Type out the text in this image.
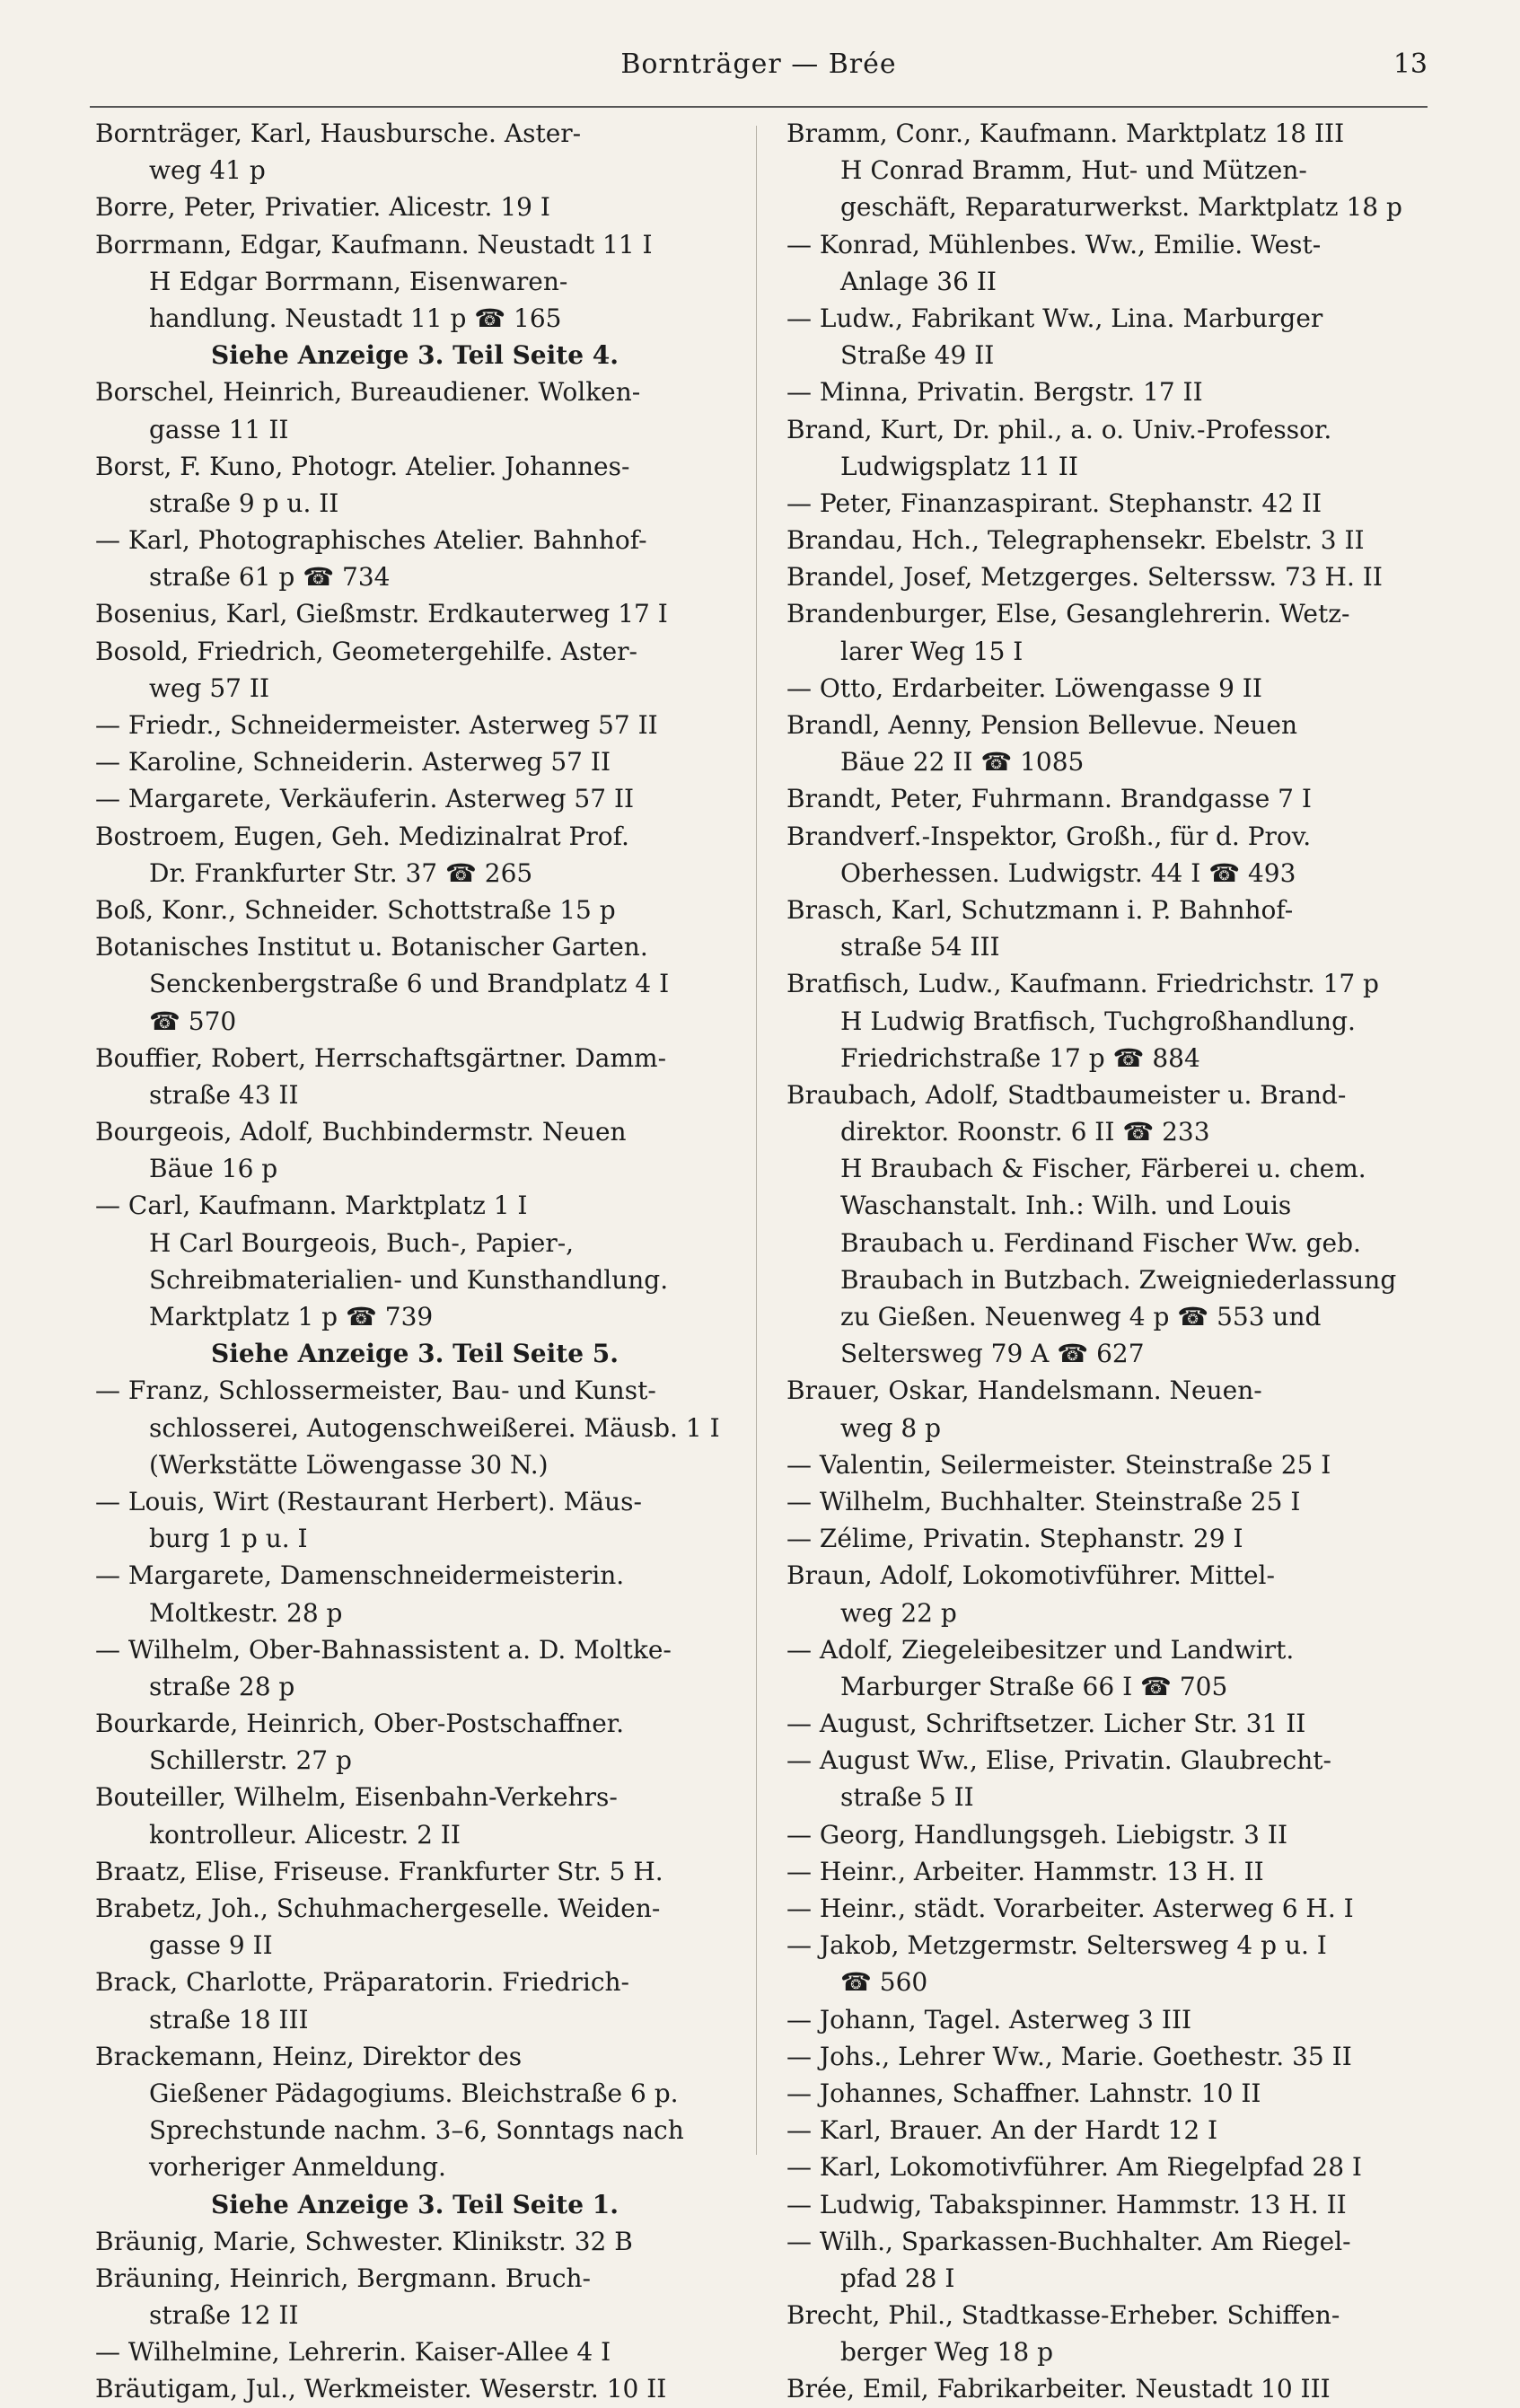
Bornträger — Brée	13
Bornträger, Karl, Hausbursche. Aster-
weg 41 p
Borre, Peter, Privatier. Alicestr. 19 I
Borrmann, Edgar, Kaufmann. Neustadt 11 I
H Edgar Borrmann, Eisenwaren-
handlung. Neustadt 11 p ☎ 165
Siehe Anzeige 3. Teil Seite 4.
Borschel, Heinrich, Bureaudiener. Wolken-
gasse 11 II
Borst, F. Kuno, Photogr. Atelier. Johannes-
straße 9 p u. II
— Karl, Photographisches Atelier. Bahnhof-
straße 61 p ☎ 734
Bosenius, Karl, Gießmstr. Erdkauterweg 17 I
Bosold, Friedrich, Geometergehilfe. Aster-
weg 57 II
— Friedr., Schneidermeister. Asterweg 57 II
— Karoline, Schneiderin. Asterweg 57 II
— Margarete, Verkäuferin. Asterweg 57 II
Bostroem, Eugen, Geh. Medizinalrat Prof.
Dr. Frankfurter Str. 37 ☎ 265
Boß, Konr., Schneider. Schottstraße 15 p
Botanisches Institut u. Botanischer Garten.
Senckenbergstraße 6 und Brandplatz 4 I
☎ 570
Bouffier, Robert, Herrschaftsgärtner. Damm-
straße 43 II
Bourgeois, Adolf, Buchbindermstr. Neuen
Bäue 16 p
— Carl, Kaufmann. Marktplatz 1 I
H Carl Bourgeois, Buch-, Papier-,
Schreibmaterialien- und Kunsthandlung.
Marktplatz 1 p ☎ 739
Siehe Anzeige 3. Teil Seite 5.
— Franz, Schlossermeister, Bau- und Kunst-
schlosserei, Autogenschweißerei. Mäusb. 1 I
(Werkstätte Löwengasse 30 N.)
— Louis, Wirt (Restaurant Herbert). Mäus-
burg 1 p u. I
— Margarete, Damenschneidermeisterin.
Moltkestr. 28 p
— Wilhelm, Ober-Bahnassistent a. D. Moltke-
straße 28 p
Bourkarde, Heinrich, Ober-Postschaffner.
Schillerstr. 27 p
Bouteiller, Wilhelm, Eisenbahn-Verkehrs-
kontrolleur. Alicestr. 2 II
Braatz, Elise, Friseuse. Frankfurter Str. 5 H.
Brabetz, Joh., Schuhmachergeselle. Weiden-
gasse 9 II
Brack, Charlotte, Präparatorin. Friedrich-
straße 18 III
Brackemann, Heinz, Direktor des
Gießener Pädagogiums. Bleichstraße 6 p.
Sprechstunde nachm. 3–6, Sonntags nach
vorheriger Anmeldung.
Siehe Anzeige 3. Teil Seite 1.
Bräunig, Marie, Schwester. Klinikstr. 32 B
Bräuning, Heinrich, Bergmann. Bruch-
straße 12 II
— Wilhelmine, Lehrerin. Kaiser-Allee 4 I
Bräutigam, Jul., Werkmeister. Weserstr. 10 II
Bramm, Conr., Kaufmann. Marktplatz 18 III
H Conrad Bramm, Hut- und Mützen-
geschäft, Reparaturwerkst. Marktplatz 18 p
— Konrad, Mühlenbes. Ww., Emilie. West-
Anlage 36 II
— Ludw., Fabrikant Ww., Lina. Marburger
Straße 49 II
— Minna, Privatin. Bergstr. 17 II
Brand, Kurt, Dr. phil., a. o. Univ.-Professor.
Ludwigsplatz 11 II
— Peter, Finanzaspirant. Stephanstr. 42 II
Brandau, Hch., Telegraphensekr. Ebelstr. 3 II
Brandel, Josef, Metzgerges. Selterssw. 73 H. II
Brandenburger, Else, Gesanglehrerin. Wetz-
larer Weg 15 I
— Otto, Erdarbeiter. Löwengasse 9 II
Brandl, Aenny, Pension Bellevue. Neuen
Bäue 22 II ☎ 1085
Brandt, Peter, Fuhrmann. Brandgasse 7 I
Brandverf.-Inspektor, Großh., für d. Prov.
Oberhessen. Ludwigstr. 44 I ☎ 493
Brasch, Karl, Schutzmann i. P. Bahnhof-
straße 54 III
Bratfisch, Ludw., Kaufmann. Friedrichstr. 17 p
H Ludwig Bratfisch, Tuchgroßhandlung.
Friedrichstraße 17 p ☎ 884
Braubach, Adolf, Stadtbaumeister u. Brand-
direktor. Roonstr. 6 II ☎ 233
H Braubach & Fischer, Färberei u. chem.
Waschanstalt. Inh.: Wilh. und Louis
Braubach u. Ferdinand Fischer Ww. geb.
Braubach in Butzbach. Zweigniederlassung
zu Gießen. Neuenweg 4 p ☎ 553 und
Seltersweg 79 A ☎ 627
Brauer, Oskar, Handelsmann. Neuen-
weg 8 p
— Valentin, Seilermeister. Steinstraße 25 I
— Wilhelm, Buchhalter. Steinstraße 25 I
— Zélime, Privatin. Stephanstr. 29 I
Braun, Adolf, Lokomotivführer. Mittel-
weg 22 p
— Adolf, Ziegeleibesitzer und Landwirt.
Marburger Straße 66 I ☎ 705
— August, Schriftsetzer. Licher Str. 31 II
— August Ww., Elise, Privatin. Glaubrecht-
straße 5 II
— Georg, Handlungsgeh. Liebigstr. 3 II
— Heinr., Arbeiter. Hammstr. 13 H. II
— Heinr., städt. Vorarbeiter. Asterweg 6 H. I
— Jakob, Metzgermstr. Seltersweg 4 p u. I
☎ 560
— Johann, Tagel. Asterweg 3 III
— Johs., Lehrer Ww., Marie. Goethestr. 35 II
— Johannes, Schaffner. Lahnstr. 10 II
— Karl, Brauer. An der Hardt 12 I
— Karl, Lokomotivführer. Am Riegelpfad 28 I
— Ludwig, Tabakspinner. Hammstr. 13 H. II
— Wilh., Sparkassen-Buchhalter. Am Riegel-
pfad 28 I
Brecht, Phil., Stadtkasse-Erheber. Schiffen-
berger Weg 18 p
Brée, Emil, Fabrikarbeiter. Neustadt 10 III
